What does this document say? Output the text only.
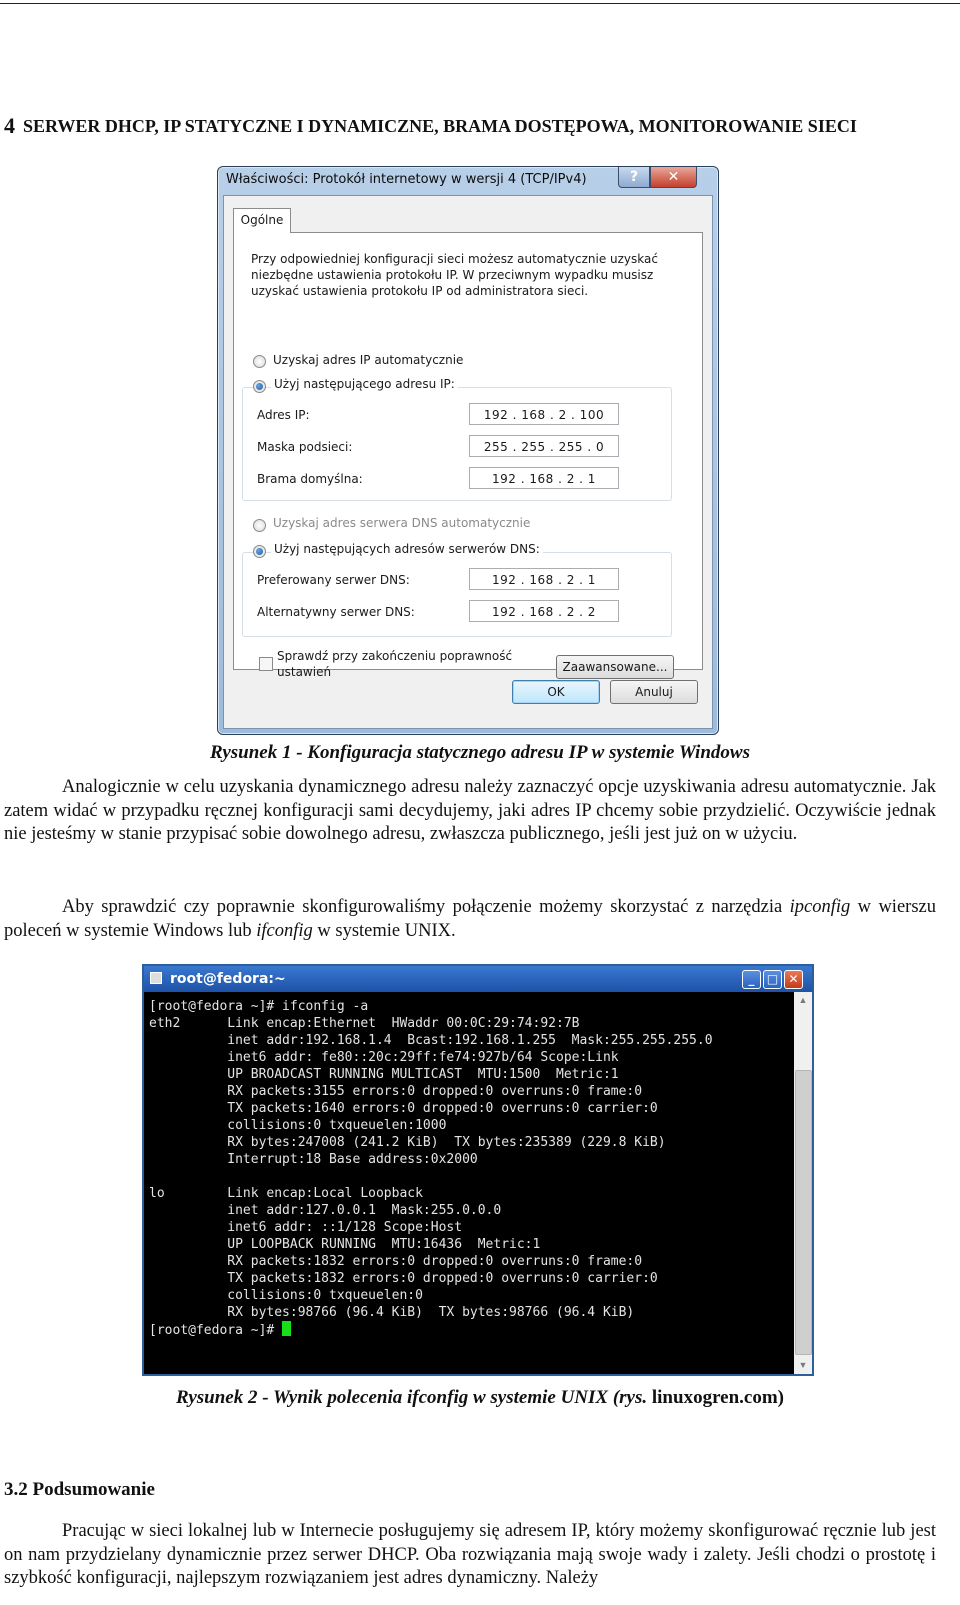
4 SERWER DHCP, IP STATYCZNE I DYNAMICZNE, BRAMA DOSTĘPOWA, MONITOROWANIE SIECI
Właściwości: Protokół internetowy w wersji 4 (TCP/IPv4)	?	✕
Ogólne
Przy odpowiedniej konfiguracji sieci możesz automatycznie uzyskać
niezbędne ustawienia protokołu IP. W przeciwnym wypadku musisz
uzyskać ustawienia protokołu IP od administratora sieci.
Uzyskaj adres IP automatycznie
Użyj następującego adresu IP:
Adres IP:	192 . 168 . 2 . 100
Maska podsieci:	255 . 255 . 255 . 0
Brama domyślna:	192 . 168 . 2 . 1
Uzyskaj adres serwera DNS automatycznie
Użyj następujących adresów serwerów DNS:
Preferowany serwer DNS:	192 . 168 . 2 . 1
Alternatywny serwer DNS:	192 . 168 . 2 . 2
Sprawdź przy zakończeniu poprawność
ustawień	Zaawansowane...
OK	Anuluj
Rysunek 1 - Konfiguracja statycznego adresu IP w systemie Windows

Analogicznie w celu uzyskania dynamicznego adresu należy zaznaczyć opcje uzyskiwania adresu automatycznie. Jak zatem widać w przypadku ręcznej konfiguracji sami decydujemy, jaki adres IP chcemy sobie przydzielić. Oczywiście jednak nie jesteśmy w stanie przypisać sobie dowolnego adresu, zwłaszcza publicznego, jeśli jest już on w użyciu.

Aby sprawdzić czy poprawnie skonfigurowaliśmy połączenie możemy skorzystać z narzędzia ipconfig w wierszu poleceń w systemie Windows lub ifconfig w systemie UNIX.

root@fedora:~	_	□ ✕
[root@fedora ~]# ifconfig -a
eth2      Link encap:Ethernet  HWaddr 00:0C:29:74:92:7B
inet addr:192.168.1.4  Bcast:192.168.1.255  Mask:255.255.255.0
inet6 addr: fe80::20c:29ff:fe74:927b/64 Scope:Link
UP BROADCAST RUNNING MULTICAST  MTU:1500  Metric:1
RX packets:3155 errors:0 dropped:0 overruns:0 frame:0
TX packets:1640 errors:0 dropped:0 overruns:0 carrier:0
collisions:0 txqueuelen:1000
RX bytes:247008 (241.2 KiB)  TX bytes:235389 (229.8 KiB)
Interrupt:18 Base address:0x2000

lo        Link encap:Local Loopback
inet addr:127.0.0.1  Mask:255.0.0.0
inet6 addr: ::1/128 Scope:Host
UP LOOPBACK RUNNING  MTU:16436  Metric:1
RX packets:1832 errors:0 dropped:0 overruns:0 frame:0
TX packets:1832 errors:0 dropped:0 overruns:0 carrier:0
collisions:0 txqueuelen:0
RX bytes:98766 (96.4 KiB)  TX bytes:98766 (96.4 KiB)
[root@fedora ~]#
▲
▼
Rysunek 2 - Wynik polecenia ifconfig w systemie UNIX (rys. linuxogren.com)
3.2 Podsumowanie

Pracując w sieci lokalnej lub w Internecie posługujemy się adresem IP, który możemy skonfigurować ręcznie lub jest on nam przydzielany dynamicznie przez serwer DHCP. Oba rozwiązania mają swoje wady i zalety. Jeśli chodzi o prostotę i szybkość konfiguracji, najlepszym rozwiązaniem jest adres dynamiczny. Należy
